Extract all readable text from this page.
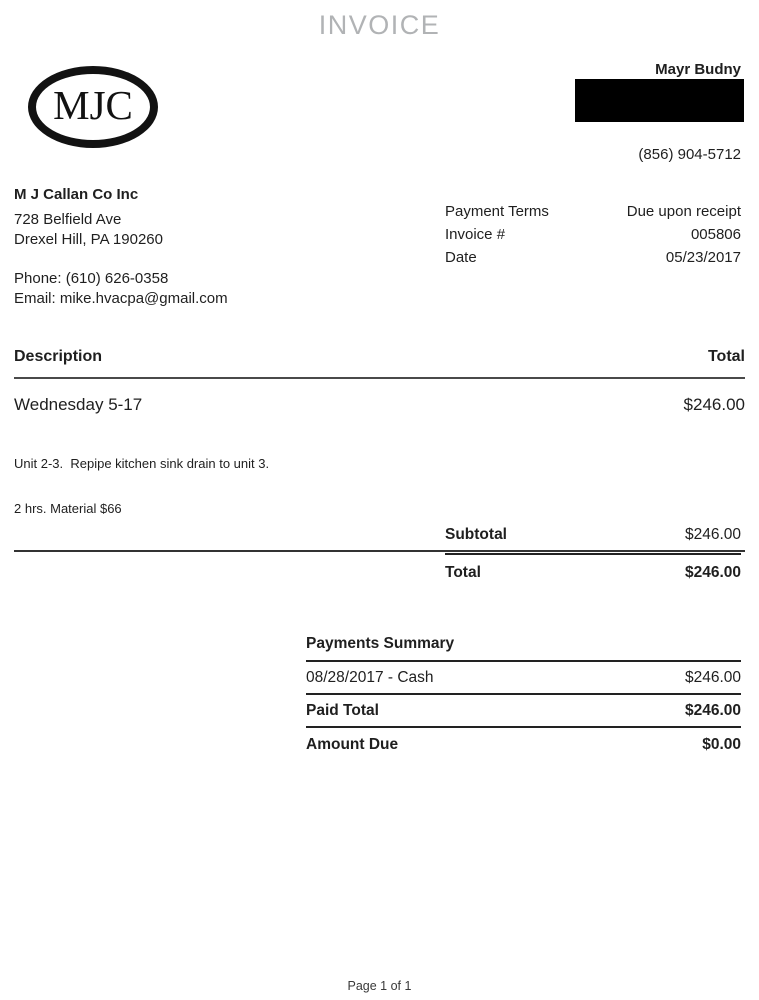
INVOICE
MJC
Mayr Budny
(856) 904-5712
M J Callan Co Inc
728 Belfield Ave
Drexel Hill, PA 190260
Phone: (610) 626-0358
Email: mike.hvacpa@gmail.com
Payment Terms	Due upon receipt
Invoice #	005806
Date	05/23/2017
Description	Total
Wednesday 5-17	$246.00

Unit 2-3.  Repipe kitchen sink drain to unit 3.

2 hrs. Material $66

Subtotal	$246.00
Total	$246.00
Payments Summary
08/28/2017 - Cash	$246.00
Paid Total	$246.00
Amount Due	$0.00
Page 1 of 1
